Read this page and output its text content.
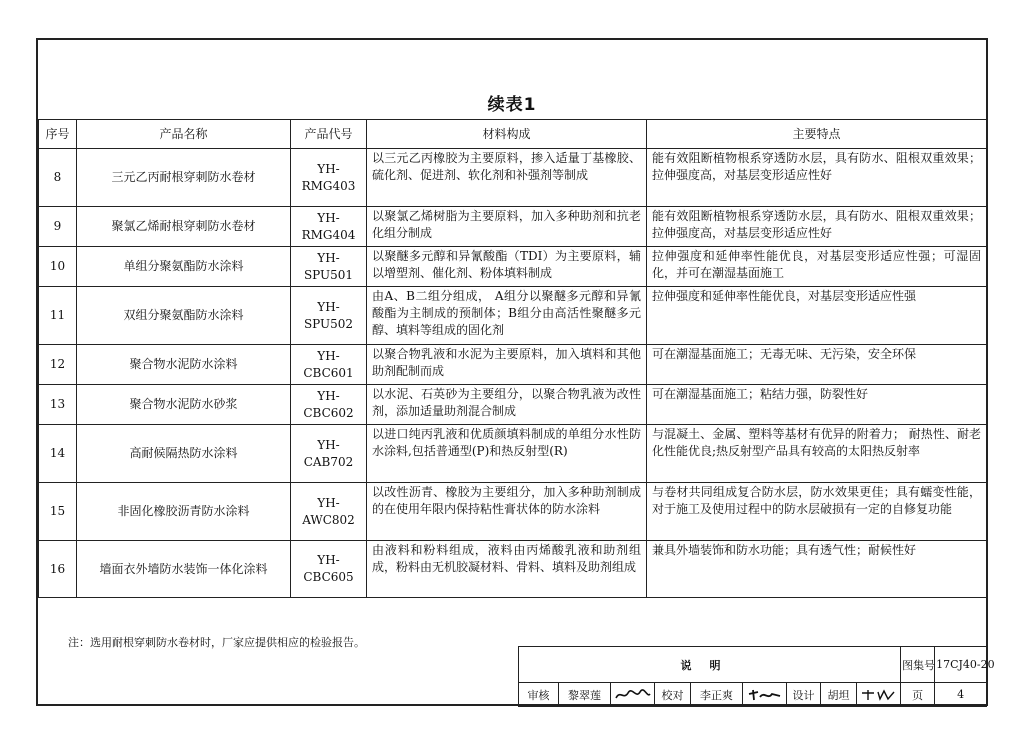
续表1
序号	产品名称	产品代号	材料构成	主要特点
8	三元乙丙耐根穿刺防水卷材	YH-RMG403	以三元乙丙橡胶为主要原料，掺入适量丁基橡胶、硫化剂、促进剂、软化剂和补强剂等制成	能有效阻断植物根系穿透防水层，具有防水、阻根双重效果；拉伸强度高，对基层变形适应性好
9	聚氯乙烯耐根穿刺防水卷材	YH-RMG404	以聚氯乙烯树脂为主要原料，加入多种助剂和抗老化组分制成	能有效阻断植物根系穿透防水层，具有防水、阻根双重效果；拉伸强度高，对基层变形适应性好
10	单组分聚氨酯防水涂料	YH-SPU501	以聚醚多元醇和异氰酸酯（TDI）为主要原料，辅以增塑剂、催化剂、粉体填料制成	拉伸强度和延伸率性能优良，对基层变形适应性强；可湿固化，并可在潮湿基面施工
11	双组分聚氨酯防水涂料	YH-SPU502	由A、B二组分组成， A组分以聚醚多元醇和异氰酸酯为主制成的预制体；B组分由高活性聚醚多元醇、填料等组成的固化剂	拉伸强度和延伸率性能优良，对基层变形适应性强
12	聚合物水泥防水涂料	YH-CBC601	以聚合物乳液和水泥为主要原料，加入填料和其他助剂配制而成	可在潮湿基面施工；无毒无味、无污染，安全环保
13	聚合物水泥防水砂浆	YH-CBC602	以水泥、石英砂为主要组分，以聚合物乳液为改性剂，添加适量助剂混合制成	可在潮湿基面施工；粘结力强，防裂性好
14	高耐候隔热防水涂料	YH-CAB702	以进口纯丙乳液和优质颜填料制成的单组分水性防水涂料,包括普通型(P)和热反射型(R)	与混凝土、金属、塑料等基材有优异的附着力； 耐热性、耐老化性能优良;热反射型产品具有较高的太阳热反射率
15	非固化橡胶沥青防水涂料	YH-AWC802	以改性沥青、橡胶为主要组分，加入多种助剂制成的在使用年限内保持粘性膏状体的防水涂料	与卷材共同组成复合防水层，防水效果更佳；具有蠕变性能，对于施工及使用过程中的防水层破损有一定的自修复功能
16	墙面衣外墙防水装饰一体化涂料	YH-CBC605	由液料和粉料组成，液料由丙烯酸乳液和助剂组成，粉料由无机胶凝材料、骨料、填料及助剂组成	兼具外墙装饰和防水功能；具有透气性；耐候性好
注：选用耐根穿刺防水卷材时，厂家应提供相应的检验报告。
说明									图集号	17CJ40-20
审核	黎翠莲		校对	李正爽		设计	胡坦		页	4
